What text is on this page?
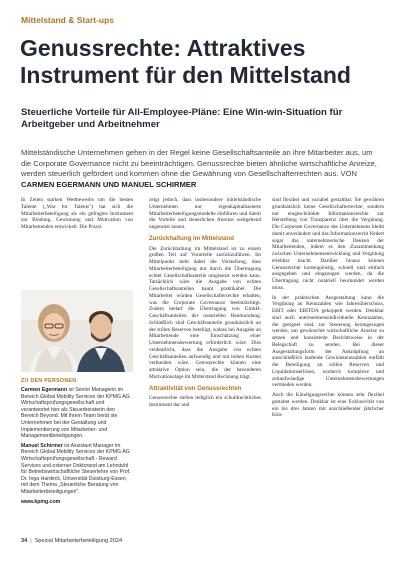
Mittelstand & Start-ups
Genussrechte: Attraktives Instrument für den Mittelstand
Steuerliche Vorteile für All-Employee-Pläne: Eine Win-win-Situation für Arbeitgeber und Arbeitnehmer

Mittelständische Unternehmen gehen in der Regel keine Gesellschaftsanteile an ihre Mitarbeiter aus, um die Corporate Governance nicht zu beeinträchtigen. Genussrechte bieten ähnliche wirtschaftliche Anreize, werden steuerlich gefördert und kommen ohne die Gewährung von Gesellschafterrechten aus. VON CARMEN EGERMANN UND MANUEL SCHIRMER

In Zeiten starken Wettbewerbs um die besten Talente („War for Talents") hat sich die Mitarbeiterbeteiligung als ein gefragtes Instrument zur Bindung, Gewinnung und Motivation von Mitarbeitenden entwickelt. Die Praxis

ZU DEN PERSONEN

Carmen Egermann ist Senior Managerin im Bereich Global Mobility Services der KPMG AG Wirtschaftsprüfungsgesellschaft und verantwortet hier als Steuerberaterin den Bereich Beyond. Mit ihrem Team berät sie Unternehmen bei der Gestaltung und Implementierung von Mitarbeiter- und Managementbeteiligungen.

Manuel Schirmer ist Assistant Manager im Bereich Global Mobility Services der KPMG AG Wirtschaftsprüfungsgesellschaft - Reward Services und externer Doktorand am Lehrstuhl für Betriebswirtschaftliche Steuerlehre von Prof. Dr. Inga Hardeck, Universität Duisburg-Essen, mit dem Thema „Steuerliche Beratung von Mitarbeiterbeteiligungen".

www.kpmg.com

zeigt jedoch, dass insbesondere mittelständische Unternehmen nur eigenkapitalbasierte Mitarbeiterbeteiligungsmodelle einführen und damit die Vorteile und steuerlichen Anreize weitgehend ungenutzt lassen.

Zurückhaltung im Mittelstand

Die Zurückhaltung im Mittelstand ist zu einem großen Teil auf Vorurteile zurückzuführen. Im Mittelpunkt steht dabei die Vorstellung, dass Mitarbeiterbeteiligung nur durch die Übertragung echter Gesellschaftsanteile umgesetzt werden kann. Tatsächlich wäre die Ausgabe von echten Gesellschaftsanteilen kaum praktikabel. Die Mitarbeiter würden Gesellschafterrechte erhalten, was die Corporate Governance beeinträchtigt. Zudem bedarf die Übertragung von GmbH-Geschäftsanteilen der notariellen Beurkundung. Schließlich sind Geschäftsanteile grundsätzlich an der stillen Reserven beteiligt, sodass bei Ausgabe an Mitarbeitende eine Einschätzung einer Unternehmensbewertung erforderlich wäre. Dies verdeutlicht, dass die Ausgabe von echten Geschäftsanteilen aufwendig und mit hohen Kosten verbunden wäre. Genussrechte können eine attraktive Option sein, die der besonderen Motivationslage im Mittelstand Rechnung trägt.

Attraktivität von Genussrechten

Genussrechte stellen lediglich ein schuldrechtliches Instrument dar und

sind flexibel und variabel gestaltbar. Sie gewähren grundsätzlich keine Gesellschafterrechte, sondern nur eingeschränkte Informationsrechte zur Herstellung von Transparenz über die Vergütung. Die Corporate Governance des Unternehmens bleibt damit unverändert und das Informationsrecht fördert sogar das unternehmerische Denken der Mitarbeitenden, indem es den Zusammenhang zwischen Unternehmensentwicklung und Vergütung erlebbar macht. Darüber hinaus können Genussrechte kostengünstig, schnell und einfach ausgegeben und eingezogen werden, da die Übertragung nicht notariell beurkundet werden muss.

In der praktischen Ausgestaltung kann die Vergütung an Kennzahlen wie Jahresüberschuss, EBIT oder EBITDA gekoppelt werden. Denkbar sind auch unternehmensindividuelle Kennzahlen, die geeignet sind, zur Steuerung herangezogen werden, um gewünschte wirtschaftliche Anreize zu setzen und konsistente Berichtsweise in der Belegschaft zu senden. Bei dieser Ausgestaltungsform der Anknüpfung an ausschließlich laufende Gewinnkennzahlen entfällt die Beteiligung an stillen Reserven und Liquidationserlösen, wodurch komplexe und zeitaufwändige Unternehmensbewertungen vermieden werden.

Auch die Kündigungsrechte können sehr flexibel gestaltet werden. Denkbar ist eine Exklusivität von ein bis drei Jahren mit anschließender jährlicher Kün-

34 | Spezial Mitarbeiterbeteiligung 2024
